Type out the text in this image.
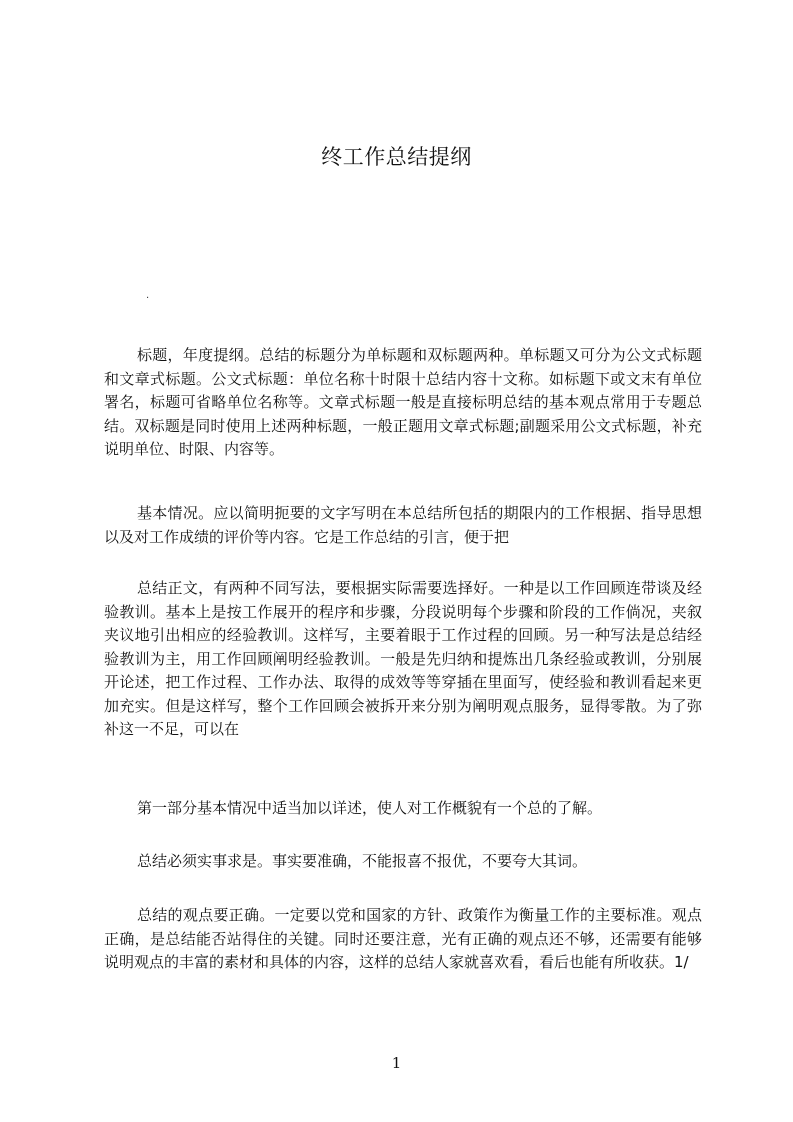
终工作总结提纲
·

标题，年度提纲。总结的标题分为单标题和双标题两种。单标题又可分为公文式标题和文章式标题。公文式标题：单位名称十时限十总结内容十文称。如标题下或文末有单位署名，标题可省略单位名称等。文章式标题一般是直接标明总结的基本观点常用于专题总结。双标题是同时使用上述两种标题，一般正题用文章式标题;副题采用公文式标题，补充说明单位、时限、内容等。

基本情况。应以简明扼要的文字写明在本总结所包括的期限内的工作根据、指导思想以及对工作成绩的评价等内容。它是工作总结的引言，便于把

总结正文，有两种不同写法，要根据实际需要选择好。一种是以工作回顾连带谈及经验教训。基本上是按工作展开的程序和步骤，分段说明每个步骤和阶段的工作倘况，夹叙夹议地引出相应的经验教训。这样写，主要着眼于工作过程的回顾。另一种写法是总结经验教训为主，用工作回顾阐明经验教训。一般是先归纳和提炼出几条经验或教训，分别展开论述，把工作过程、工作办法、取得的成效等等穿插在里面写，使经验和教训看起来更加充实。但是这样写，整个工作回顾会被拆开来分别为阐明观点服务，显得零散。为了弥补这一不足，可以在

第一部分基本情况中适当加以详述，使人对工作概貌有一个总的了解。

总结必须实事求是。事实要准确，不能报喜不报优，不要夸大其词。

总结的观点要正确。一定要以党和国家的方针、政策作为衡量工作的主要标准。观点正确，是总结能否站得住的关键。同时还要注意，光有正确的观点还不够，还需要有能够说明观点的丰富的素材和具体的内容，这样的总结人家就喜欢看，看后也能有所收获。1/

1
